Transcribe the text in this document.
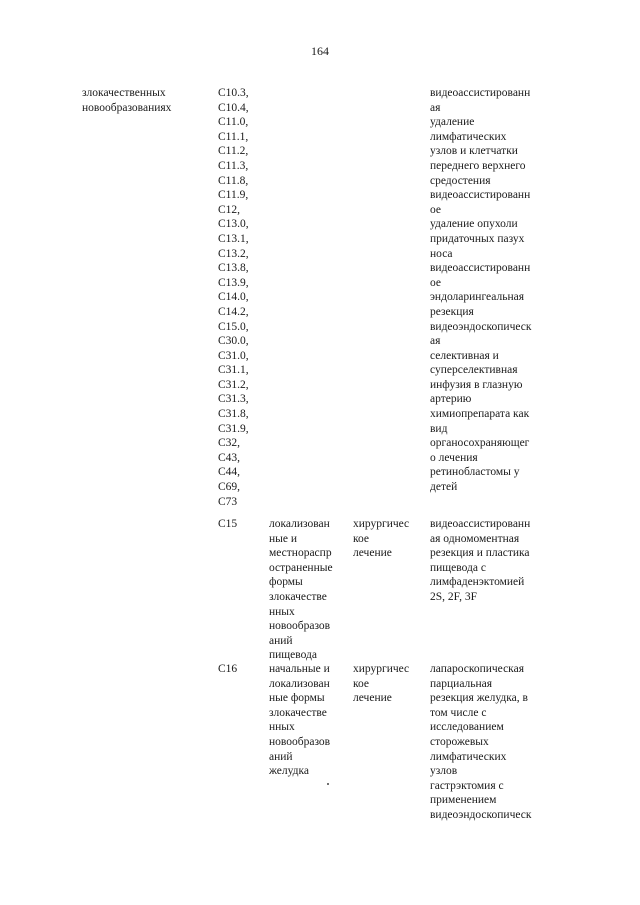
164

злокачественных
новообразованиях

C10.3,
C10.4,
C11.0,
C11.1,
C11.2,
C11.3,
C11.8,
C11.9,
C12,
C13.0,
C13.1,
C13.2,
C13.8,
C13.9,
C14.0,
C14.2,
C15.0,
C30.0,
C31.0,
C31.1,
C31.2,
C31.3,
C31.8,
C31.9,
C32,
C43,
C44,
C69,
C73

видеоассистированн
ая
удаление
лимфатических
узлов и клетчатки
переднего верхнего
средостения
видеоассистированн
ое
удаление опухоли
придаточных пазух
носа
видеоассистированн
ое
эндоларингеальная
резекция
видеоэндоскопическ
ая
селективная и
суперселективная
инфузия в глазную
артерию
химиопрепарата как
вид
органосохраняющег
о лечения
ретинобластомы у
детей

C15	локализован
ные и
местнораспр
остраненные
формы
злокачестве
нных
новообразов
аний
пищевода

хирургичес
кое
лечение

видеоассистированн
ая одномоментная
резекция и пластика
пищевода с
лимфаденэктомией
2S, 2F, 3F

C16	начальные и
локализован
ные формы
злокачестве
нных
новообразов
аний
желудка

хирургичес
кое
лечение

лапароскопическая
парциальная
резекция желудка, в
том числе с
исследованием
сторожевых
лимфатических
узлов
гастрэктомия с
применением
видеоэндоскопическ
